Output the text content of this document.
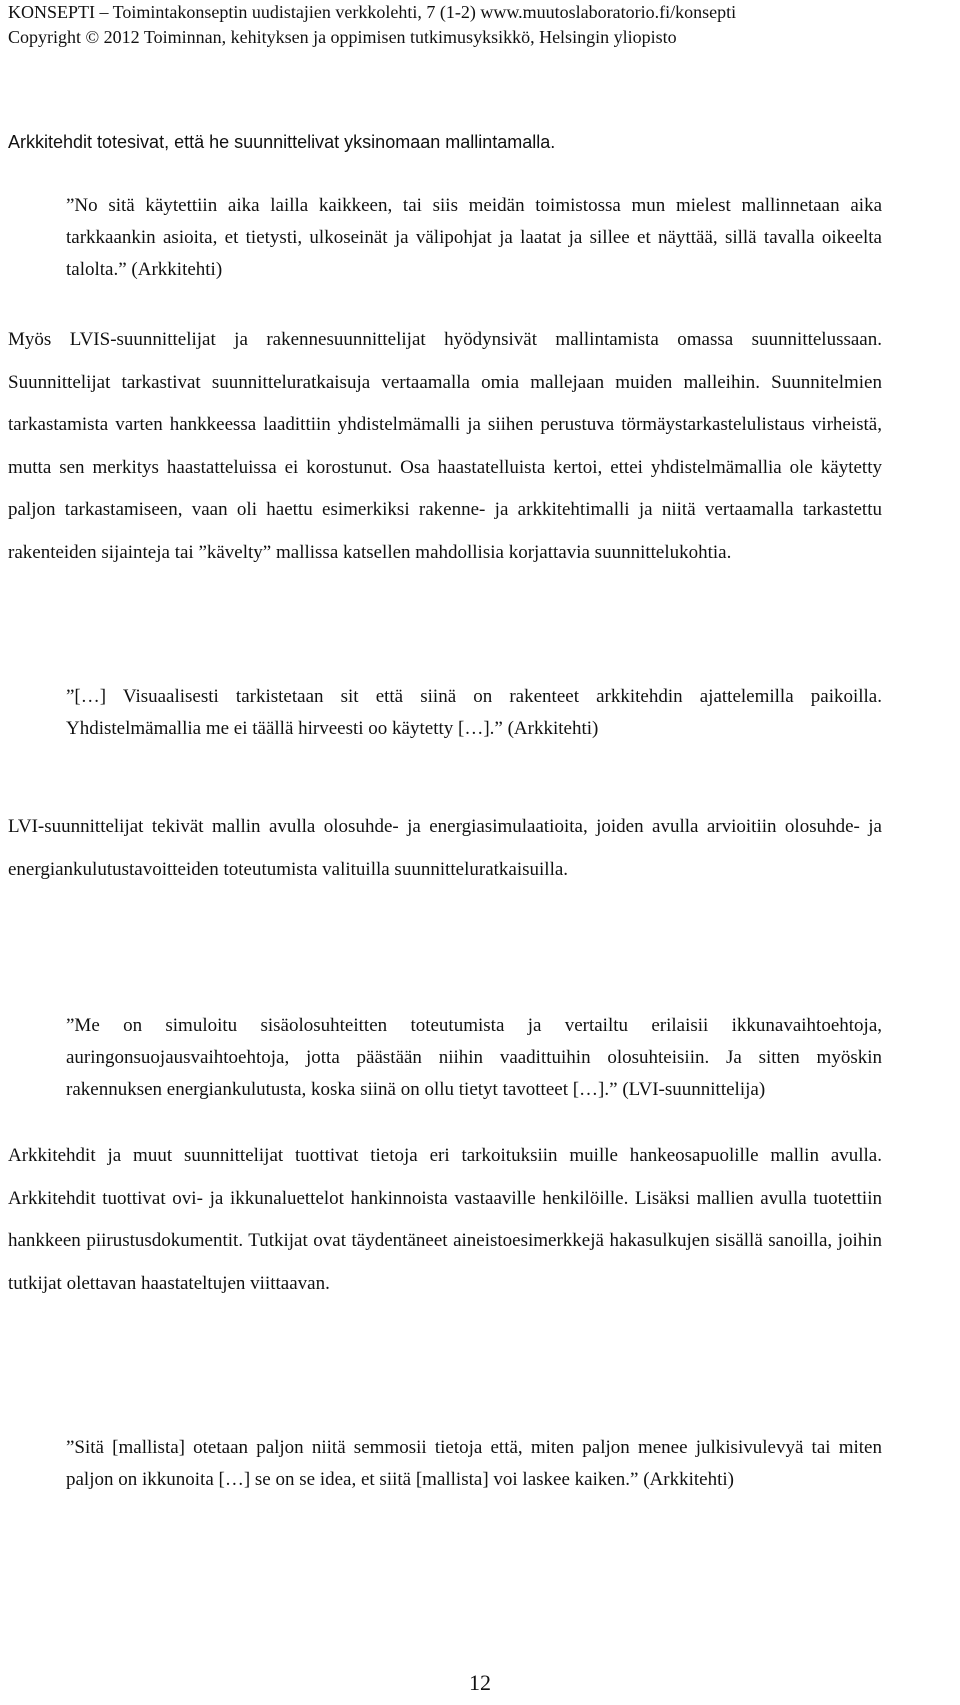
KONSEPTI – Toimintakonseptin uudistajien verkkolehti, 7 (1-2) www.muutoslaboratorio.fi/konsepti
Copyright © 2012 Toiminnan, kehityksen ja oppimisen tutkimusyksikkö, Helsingin yliopisto
Arkkitehdit totesivat, että he suunnittelivat yksinomaan mallintamalla.

”No sitä käytettiin aika lailla kaikkeen, tai siis meidän toimistossa mun mielest mallinnetaan aika tarkkaankin asioita, et tietysti, ulkoseinät ja välipohjat ja laatat ja sillee et näyttää, sillä tavalla oikeelta talolta.” (Arkkitehti)

Myös LVIS-suunnittelijat ja rakennesuunnittelijat hyödynsivät mallintamista omassa suunnittelussaan. Suunnittelijat tarkastivat suunnitteluratkaisuja vertaamalla omia mallejaan muiden malleihin. Suunnitelmien tarkastamista varten hankkeessa laadittiin yhdistelmämalli ja siihen perustuva törmäystarkastelulistaus virheistä, mutta sen merkitys haastatteluissa ei korostunut. Osa haastatelluista kertoi, ettei yhdistelmämallia ole käytetty paljon tarkastamiseen, vaan oli haettu esimerkiksi rakenne- ja arkkitehtimalli ja niitä vertaamalla tarkastettu rakenteiden sijainteja tai ”kävelty” mallissa katsellen mahdollisia korjattavia suunnittelukohtia.

”[…] Visuaalisesti tarkistetaan sit että siinä on rakenteet arkkitehdin ajattelemilla paikoilla. Yhdistelmämallia me ei täällä hirveesti oo käytetty […].” (Arkkitehti)

LVI-suunnittelijat tekivät mallin avulla olosuhde- ja energiasimulaatioita, joiden avulla arvioitiin olosuhde- ja energiankulutustavoitteiden toteutumista valituilla suunnitteluratkaisuilla.

”Me on simuloitu sisäolosuhteitten toteutumista ja vertailtu erilaisii ikkunavaihtoehtoja, auringonsuojausvaihtoehtoja, jotta päästään niihin vaadittuihin olosuhteisiin. Ja sitten myöskin rakennuksen energiankulutusta, koska siinä on ollu tietyt tavotteet […].” (LVI-suunnittelija)

Arkkitehdit ja muut suunnittelijat tuottivat tietoja eri tarkoituksiin muille hankeosapuolille mallin avulla. Arkkitehdit tuottivat ovi- ja ikkunaluettelot hankinnoista vastaaville henkilöille. Lisäksi mallien avulla tuotettiin hankkeen piirustusdokumentit. Tutkijat ovat täydentäneet aineistoesimerkkejä hakasulkujen sisällä sanoilla, joihin tutkijat olettavan haastateltujen viittaavan.

”Sitä [mallista] otetaan paljon niitä semmosii tietoja että, miten paljon menee julkisivulevyä tai miten paljon on ikkunoita […] se on se idea, et siitä [mallista] voi laskee kaiken.” (Arkkitehti)

12
